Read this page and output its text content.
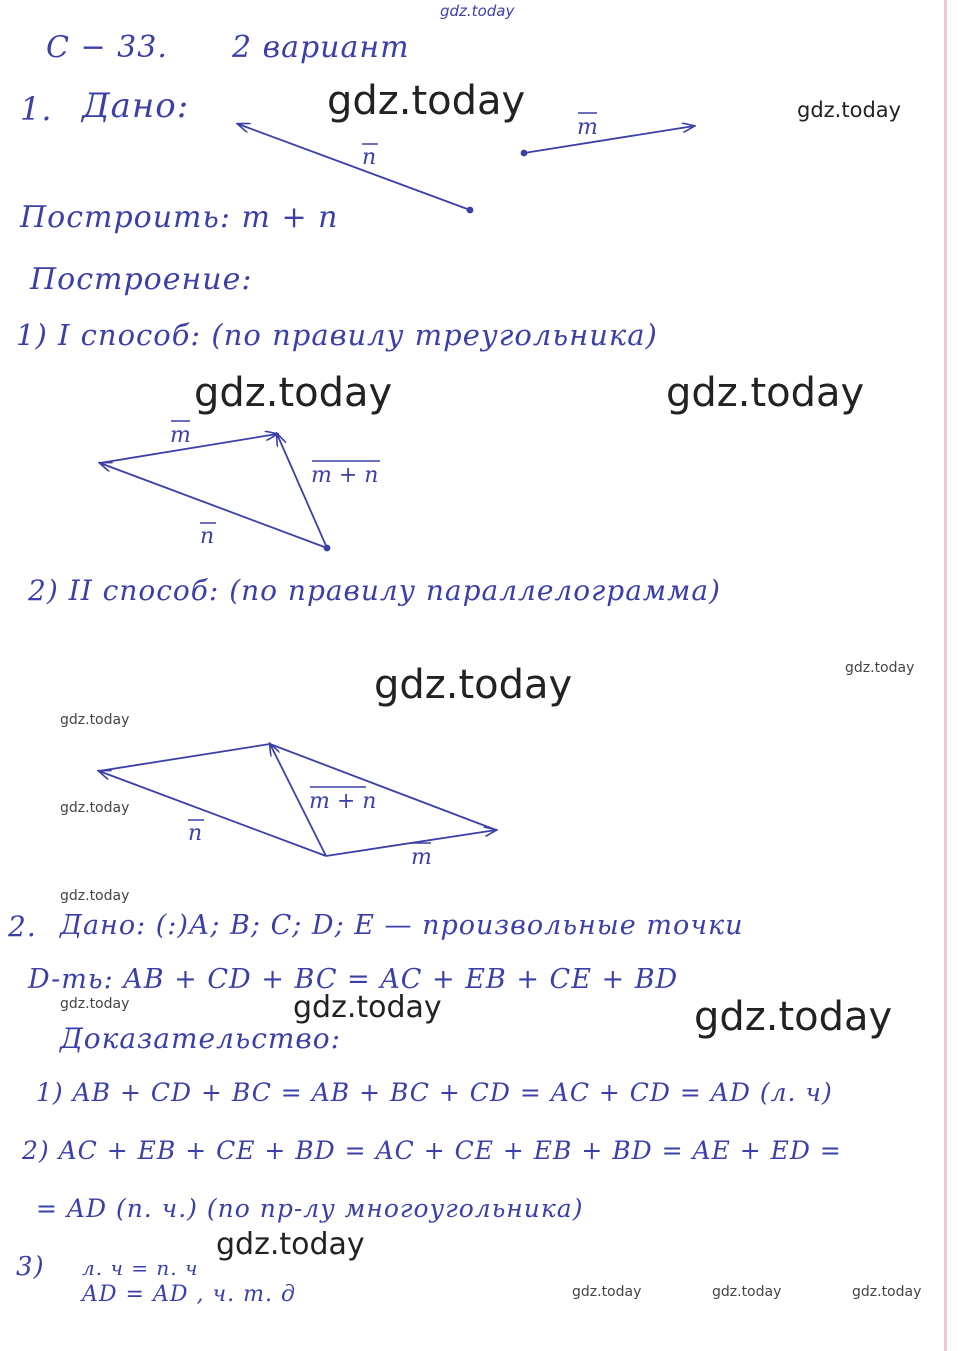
n
m
m
n
m + n
m + n
n
m
С − 33. 2 вариант
1. Дано:
Построить: m + n
Построение:
1) I способ: (по правилу треугольника)
2) II способ: (по правилу параллелограмма)
2. Дано: (:)А; В; С; D; Е — произвольные точки
D-ть: AB + CD + BC = AC + EB + CE + BD
Доказательство:
1) AB + CD + BC = AB + BC + CD = AC + CD = AD (л. ч)
2) AC + EB + CE + BD = AC + CE + EB + BD = AE + ED =
= AD (п. ч.) (по пр-лу многоугольника)
3) л. ч = п. ч
AD = AD , ч. т. д
gdz.today
gdz.today	gdz.today
gdz.today	gdz.today
gdz.today	gdz.today
gdz.today
gdz.today
gdz.today
gdz.today	gdz.today	gdz.today
gdz.today
gdz.today	gdz.today	gdz.today
